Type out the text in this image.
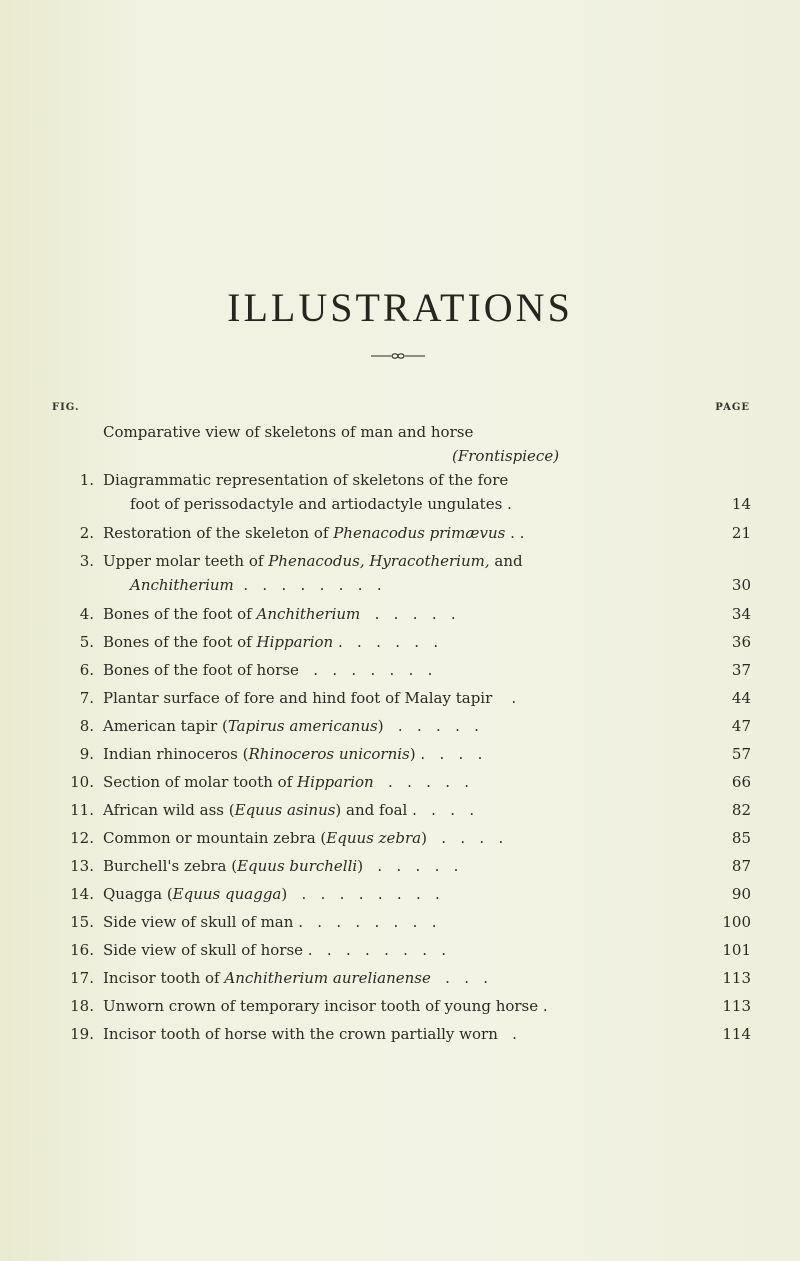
ILLUSTRATIONS
FIG.	PAGE
Comparative view of skeletons of man and horse
(Frontispiece)
1. Diagrammatic representation of skeletons of the fore
foot of perissodactyle and artiodactyle ungulates .	14
2. Restoration of the skeleton of Phenacodus primævus . .	21
3. Upper molar teeth of Phenacodus, Hyracotherium, and
Anchitherium  .   .   .   .   .   .   .   .	30
4. Bones of the foot of Anchitherium   .   .   .   .   .	34
5. Bones of the foot of Hipparion .   .   .   .   .   .	36
6. Bones of the foot of horse   .   .   .   .   .   .   .	37
7. Plantar surface of fore and hind foot of Malay tapir    .	44
8. American tapir (Tapirus americanus)   .   .   .   .   .	47
9. Indian rhinoceros (Rhinoceros unicornis) .   .   .   .	57
10. Section of molar tooth of Hipparion   .   .   .   .   .	66
11. African wild ass (Equus asinus) and foal .   .   .   .	82
12. Common or mountain zebra (Equus zebra)   .   .   .   .	85
13. Burchell's zebra (Equus burchelli)   .   .   .   .   .	87
14. Quagga (Equus quagga)   .   .   .   .   .   .   .   .	90
15. Side view of skull of man .   .   .   .   .   .   .   .	100
16. Side view of skull of horse .   .   .   .   .   .   .   .	101
17. Incisor tooth of Anchitherium aurelianense   .   .   .	113
18. Unworn crown of temporary incisor tooth of young horse .	113
19. Incisor tooth of horse with the crown partially worn   .	114
